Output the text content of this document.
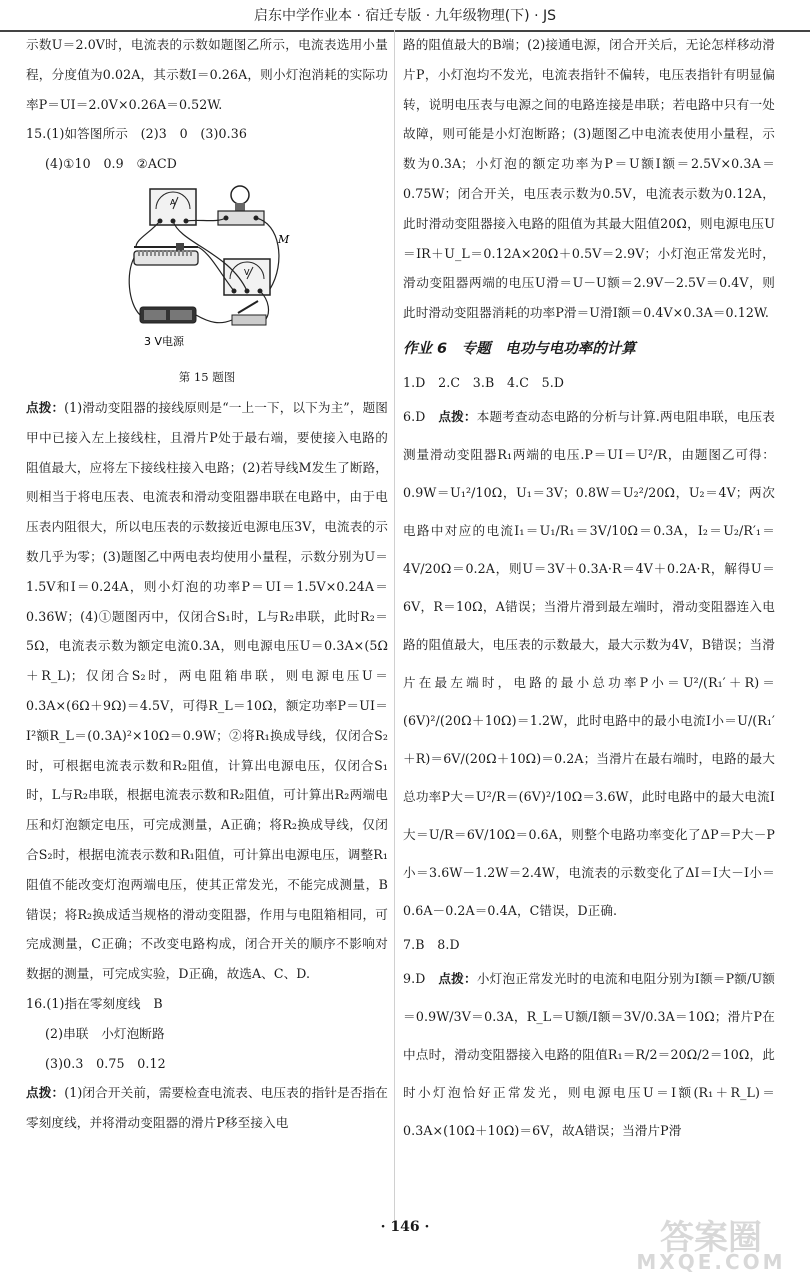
启东中学作业本 · 宿迁专版 · 九年级物理(下) · JS

示数U＝2.0V时，电流表的示数如题图乙所示，电流表选用小量程，分度值为0.02A，其示数I＝0.26A，则小灯泡消耗的实际功率P＝UI＝2.0V×0.26A＝0.52W.

15.(1)如答图所示　(2)3　0　(3)0.36

(4)①10　0.9　②ACD

A
V
M
3 V电源
第 15 题图

点拨：(1)滑动变阻器的接线原则是“一上一下，以下为主”，题图甲中已接入左上接线柱，且滑片P处于最右端，要使接入电路的阻值最大，应将左下接线柱接入电路；(2)若导线M发生了断路，则相当于将电压表、电流表和滑动变阻器串联在电路中，由于电压表内阻很大，所以电压表的示数接近电源电压3V，电流表的示数几乎为零；(3)题图乙中两电表均使用小量程，示数分别为U＝1.5V和I＝0.24A，则小灯泡的功率P＝UI＝1.5V×0.24A＝0.36W；(4)①题图丙中，仅闭合S₁时，L与R₂串联，此时R₂＝5Ω，电流表示数为额定电流0.3A，则电源电压U＝0.3A×(5Ω＋R_L)；仅闭合S₂时，两电阻箱串联，则电源电压U＝0.3A×(6Ω＋9Ω)＝4.5V，可得R_L＝10Ω，额定功率P＝UI＝I²额R_L＝(0.3A)²×10Ω＝0.9W；②将R₁换成导线，仅闭合S₂时，可根据电流表示数和R₂阻值，计算出电源电压，仅闭合S₁时，L与R₂串联，根据电流表示数和R₂阻值，可计算出R₂两端电压和灯泡额定电压，可完成测量，A正确；将R₂换成导线，仅闭合S₂时，根据电流表示数和R₁阻值，可计算出电源电压，调整R₁阻值不能改变灯泡两端电压，使其正常发光，不能完成测量，B错误；将R₂换成适当规格的滑动变阻器，作用与电阻箱相同，可完成测量，C正确；不改变电路构成，闭合开关的顺序不影响对数据的测量，可完成实验，D正确，故选A、C、D.

16.(1)指在零刻度线　B

(2)串联　小灯泡断路

(3)0.3　0.75　0.12

点拨：(1)闭合开关前，需要检查电流表、电压表的指针是否指在零刻度线，并将滑动变阻器的滑片P移至接入电

路的阻值最大的B端；(2)接通电源，闭合开关后，无论怎样移动滑片P，小灯泡均不发光，电流表指针不偏转，电压表指针有明显偏转，说明电压表与电源之间的电路连接是串联；若电路中只有一处故障，则可能是小灯泡断路；(3)题图乙中电流表使用小量程，示数为0.3A；小灯泡的额定功率为P＝U额I额＝2.5V×0.3A＝0.75W；闭合开关，电压表示数为0.5V，电流表示数为0.12A，此时滑动变阻器接入电路的阻值为其最大阻值20Ω，则电源电压U＝IR＋U_L＝0.12A×20Ω＋0.5V＝2.9V；小灯泡正常发光时，滑动变阻器两端的电压U滑＝U－U额＝2.9V－2.5V＝0.4V，则此时滑动变阻器消耗的功率P滑＝U滑I额＝0.4V×0.3A＝0.12W.

作业 6　专题　电功与电功率的计算

1.D　2.C　3.B　4.C　5.D

6.D　点拨：本题考查动态电路的分析与计算.两电阻串联，电压表测量滑动变阻器R₁两端的电压.P＝UI＝U²/R，由题图乙可得：0.9W＝U₁²/10Ω，U₁＝3V；0.8W＝U₂²/20Ω，U₂＝4V；两次电路中对应的电流I₁＝U₁/R₁＝3V/10Ω＝0.3A，I₂＝U₂/R′₁＝4V/20Ω＝0.2A，则U＝3V＋0.3A·R＝4V＋0.2A·R，解得U＝6V，R＝10Ω，A错误；当滑片滑到最左端时，滑动变阻器连入电路的阻值最大，电压表的示数最大，最大示数为4V，B错误；当滑片在最左端时，电路的最小总功率P小＝U²/(R₁′＋R)＝(6V)²/(20Ω＋10Ω)＝1.2W，此时电路中的最小电流I小＝U/(R₁′＋R)＝6V/(20Ω＋10Ω)＝0.2A；当滑片在最右端时，电路的最大总功率P大＝U²/R＝(6V)²/10Ω＝3.6W，此时电路中的最大电流I大＝U/R＝6V/10Ω＝0.6A，则整个电路功率变化了ΔP＝P大－P小＝3.6W－1.2W＝2.4W，电流表的示数变化了ΔI＝I大－I小＝0.6A－0.2A＝0.4A，C错误，D正确.

7.B　8.D

9.D　点拨：小灯泡正常发光时的电流和电阻分别为I额＝P额/U额＝0.9W/3V＝0.3A，R_L＝U额/I额＝3V/0.3A＝10Ω；滑片P在中点时，滑动变阻器接入电路的阻值R₁＝R/2＝20Ω/2＝10Ω，此时小灯泡恰好正常发光，则电源电压U＝I额(R₁＋R_L)＝0.3A×(10Ω＋10Ω)＝6V，故A错误；当滑片P滑

· 146 ·	答案圈
MXQE.COM
